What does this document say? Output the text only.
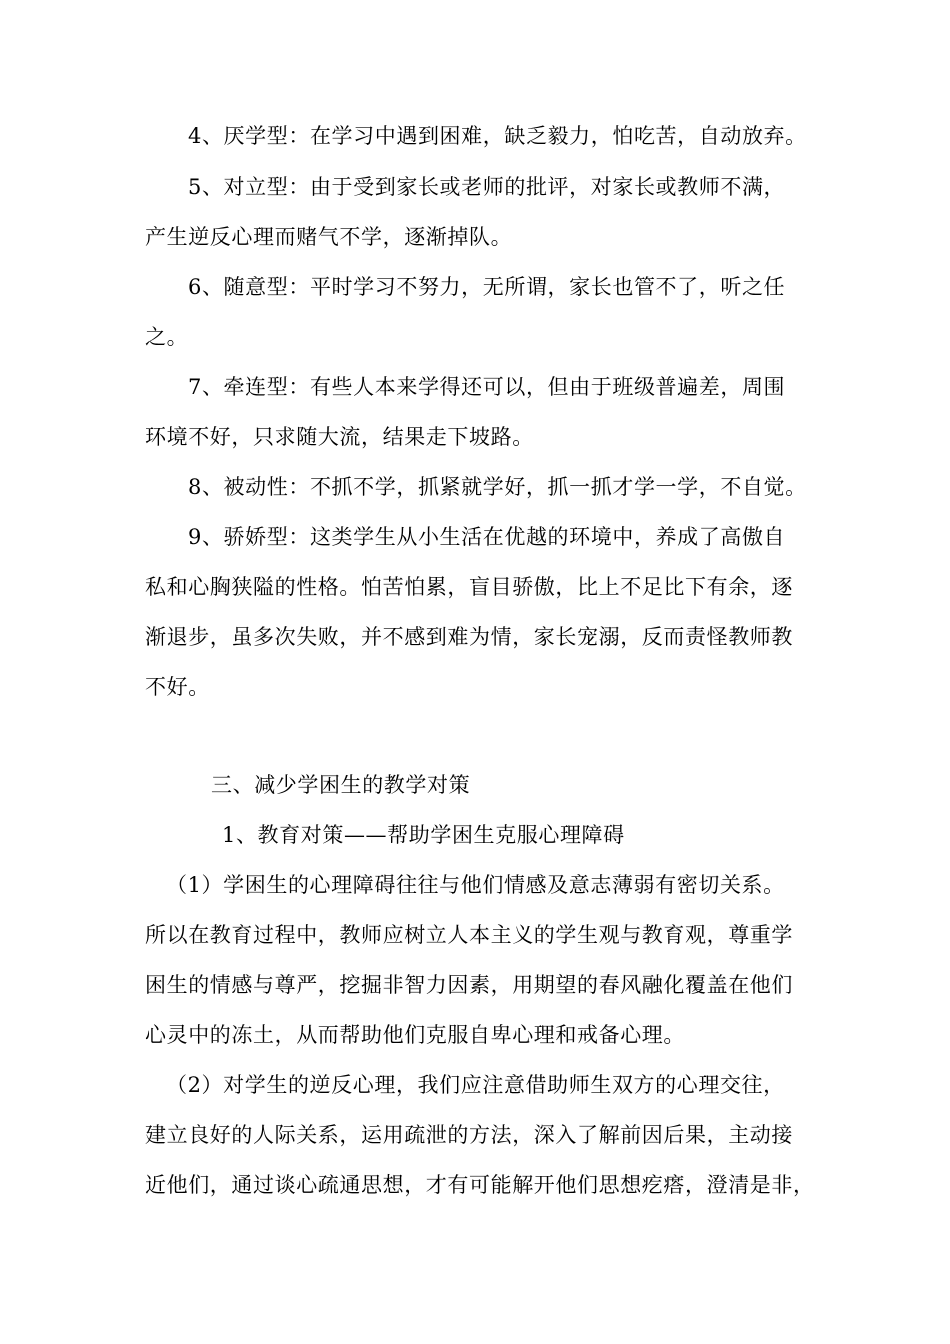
4、厌学型：在学习中遇到困难，缺乏毅力，怕吃苦，自动放弃。
5、对立型：由于受到家长或老师的批评，对家长或教师不满，
产生逆反心理而赌气不学，逐渐掉队。
6、随意型：平时学习不努力，无所谓，家长也管不了，听之任
之。
7、牵连型：有些人本来学得还可以，但由于班级普遍差，周围
环境不好，只求随大流，结果走下坡路。
8、被动性：不抓不学，抓紧就学好，抓一抓才学一学，不自觉。
9、骄娇型：这类学生从小生活在优越的环境中，养成了高傲自
私和心胸狭隘的性格。怕苦怕累，盲目骄傲，比上不足比下有余，逐
渐退步，虽多次失败，并不感到难为情，家长宠溺，反而责怪教师教
不好。
三、减少学困生的教学对策
1、教育对策——帮助学困生克服心理障碍
（1）学困生的心理障碍往往与他们情感及意志薄弱有密切关系。
所以在教育过程中，教师应树立人本主义的学生观与教育观，尊重学
困生的情感与尊严，挖掘非智力因素，用期望的春风融化覆盖在他们
心灵中的冻土，从而帮助他们克服自卑心理和戒备心理。
（2）对学生的逆反心理，我们应注意借助师生双方的心理交往，
建立良好的人际关系，运用疏泄的方法，深入了解前因后果，主动接
近他们，通过谈心疏通思想，才有可能解开他们思想疙瘩，澄清是非，
